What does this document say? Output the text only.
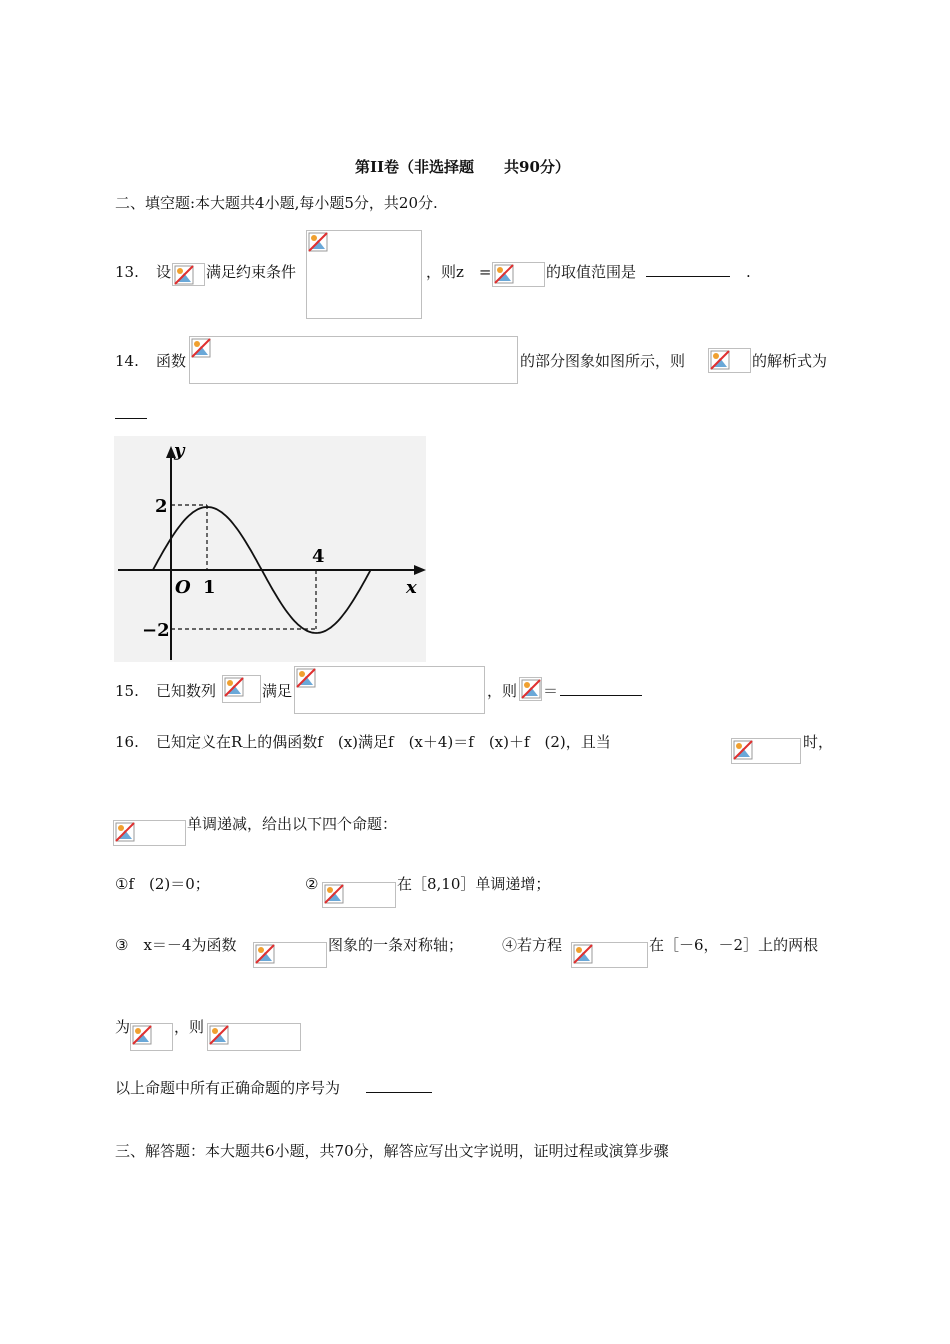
第II卷（非选择题　　共90分）
二、填空题:本大题共4小题,每小题5分，共20分.
13. 设 满足约束条件	，则z　=	的取值范围是	.
14. 函数	的部分图象如图所示，则	的解析式为
y
x
O
2
−2
1
4
15. 已知数列	满足	，则 ＝
16. 已知定义在R上的偶函数f　(x)满足f　(x＋4)＝f　(x)＋f　(2)，且当	时，
单调递减，给出以下四个命题：
①f　(2)＝0；	②	在［8,10］单调递增；
③　x＝－4为函数	图象的一条对称轴；	④若方程	在［－6，－2］上的两根
为	，则
以上命题中所有正确命题的序号为
三、解答题：本大题共6小题，共70分，解答应写出文字说明，证明过程或演算步骤
